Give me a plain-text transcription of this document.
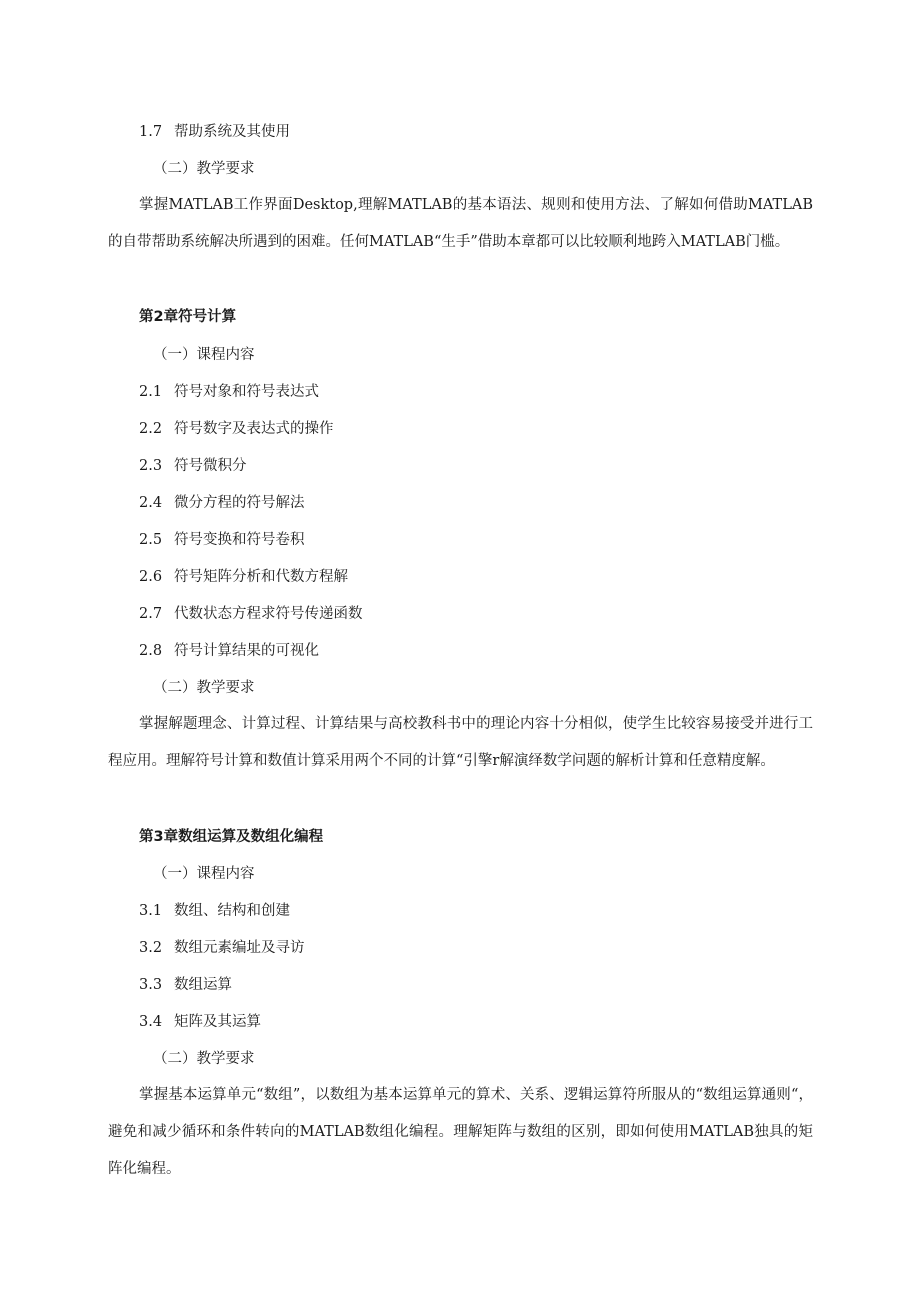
1.7 帮助系统及其使用
（二）教学要求
掌握MATLAB工作界面Desktop,理解MATLAB的基本语法、规则和使用方法、了解如何借助MATLAB的自带帮助系统解决所遇到的困难。任何MATLAB“生手”借助本章都可以比较顺利地跨入MATLAB门槛。
第2章符号计算
（一）课程内容
2.1 符号对象和符号表达式
2.2 符号数字及表达式的操作
2.3 符号微积分
2.4 微分方程的符号解法
2.5 符号变换和符号卷积
2.6 符号矩阵分析和代数方程解
2.7 代数状态方程求符号传递函数
2.8 符号计算结果的可视化
（二）教学要求
掌握解题理念、计算过程、计算结果与高校教科书中的理论内容十分相似，使学生比较容易接受并进行工程应用。理解符号计算和数值计算采用两个不同的计算“引擎r解演绎数学问题的解析计算和任意精度解。
第3章数组运算及数组化编程
（一）课程内容
3.1 数组、结构和创建
3.2 数组元素编址及寻访
3.3 数组运算
3.4 矩阵及其运算
（二）教学要求
掌握基本运算单元“数组”，以数组为基本运算单元的算术、关系、逻辑运算符所服从的“数组运算通则“，避免和减少循环和条件转向的MATLAB数组化编程。理解矩阵与数组的区别，即如何使用MATLAB独具的矩阵化编程。
